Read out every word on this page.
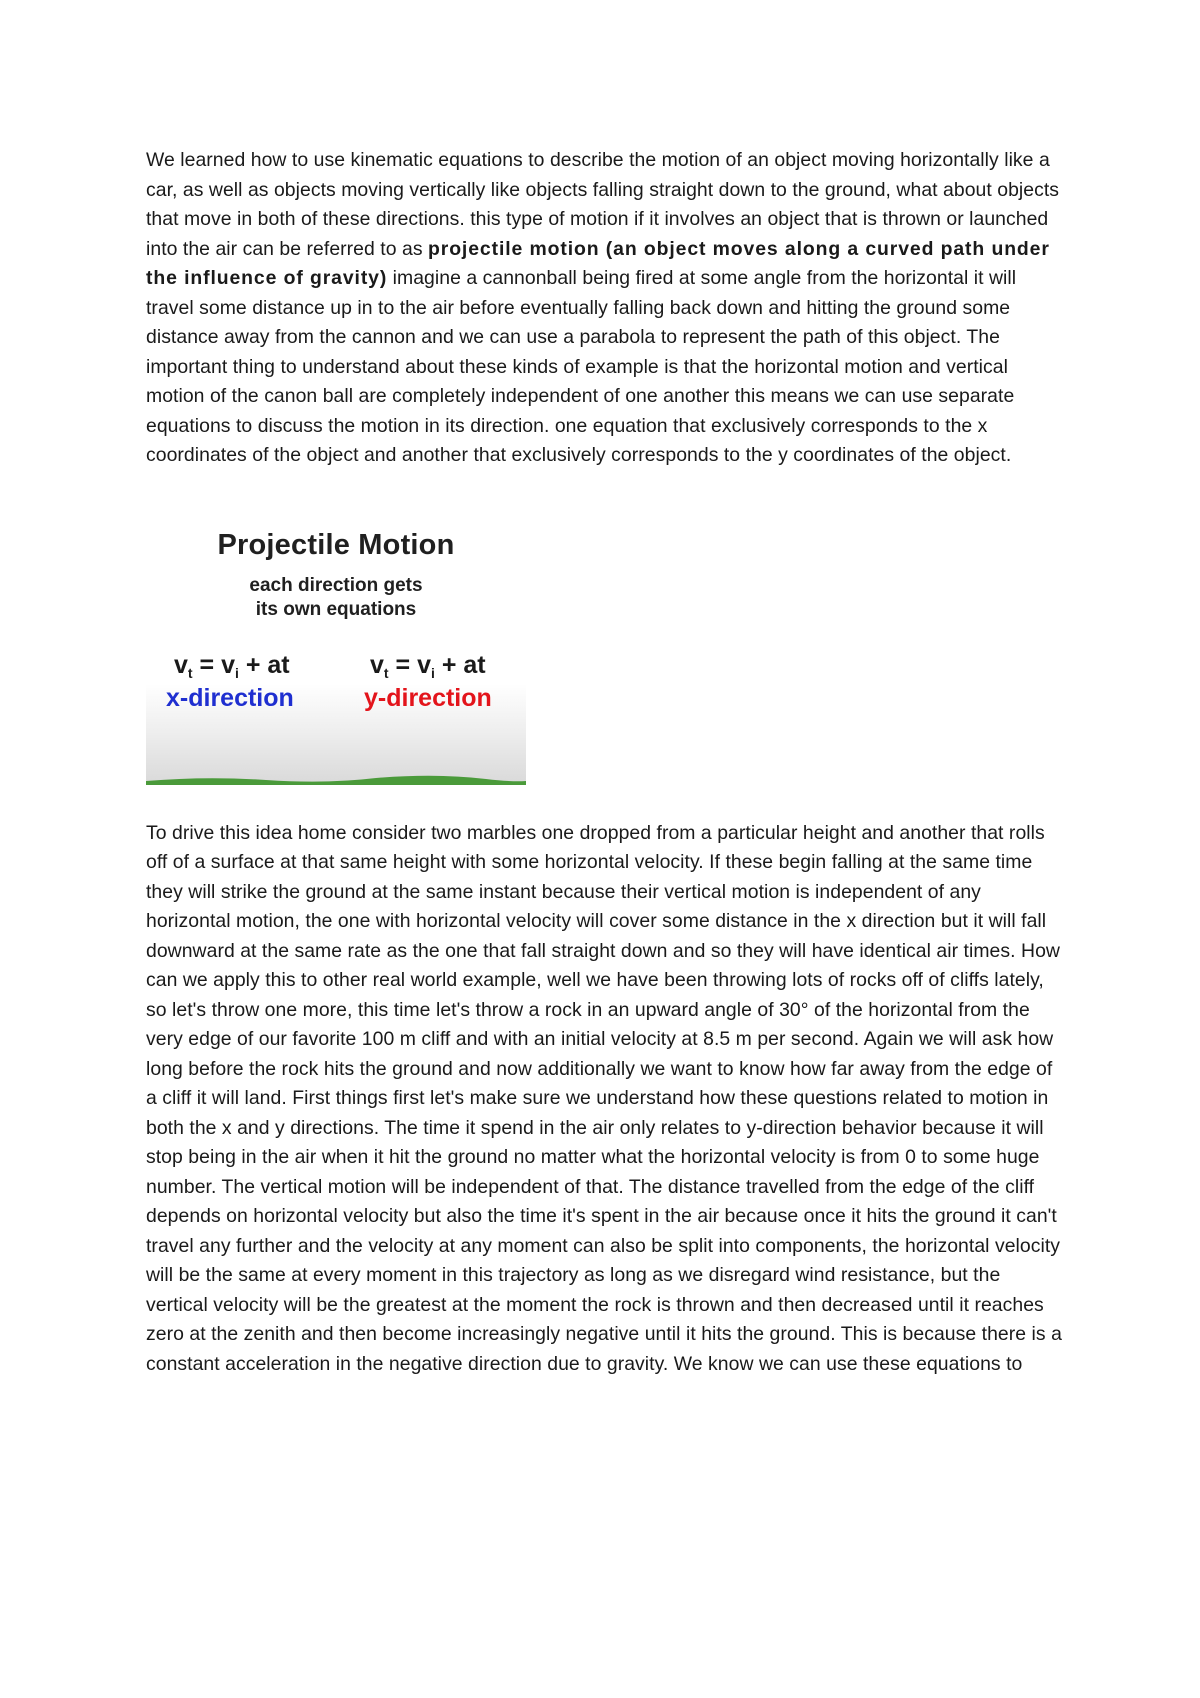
We learned how to use kinematic equations to describe the motion of an object moving horizontally like a car, as well as objects moving vertically like objects falling straight down to the ground, what about objects that move in both of these directions. this type of motion if it involves an object that is thrown or launched into the air can be referred to as projectile motion (an object moves along a curved path under the influence of gravity) imagine a cannonball being fired at some angle from the horizontal it will travel some distance up in to the air before eventually falling back down and hitting the ground some distance away from the cannon and we can use a parabola to represent the path of this object. The important thing to understand about these kinds of example is that the horizontal motion and vertical motion of the canon ball are completely independent of one another this means we can use separate equations to discuss the motion in its direction. one equation that exclusively corresponds to the x coordinates of the object and another that exclusively corresponds to the y coordinates of the object.

Projectile Motion
each direction gets
its own equations
$v_t = v_i$ + at	$v_t = v_i$ + at
x-direction	y-direction

To drive this idea home consider two marbles one dropped from a particular height and another that rolls off of a surface at that same height with some horizontal velocity. If these begin falling at the same time they will strike the ground at the same instant because their vertical motion is independent of any horizontal motion, the one with horizontal velocity will cover some distance in the x direction but it will fall downward at the same rate as the one that fall straight down and so they will have identical air times. How can we apply this to other real world example, well we have been throwing lots of rocks off of cliffs lately, so let's throw one more, this time let's throw a rock in an upward angle of 30° of the horizontal from the very edge of our favorite 100 m cliff and with an initial velocity at 8.5 m per second. Again we will ask how long before the rock hits the ground and now additionally we want to know how far away from the edge of a cliff it will land. First things first let's make sure we understand how these questions related to motion in both the x and y directions. The time it spend in the air only relates to y-direction behavior because it will stop being in the air when it hit the ground no matter what the horizontal velocity is from 0 to some huge number. The vertical motion will be independent of that. The distance travelled from the edge of the cliff depends on horizontal velocity but also the time it's spent in the air because once it hits the ground it can't travel any further and the velocity at any moment can also be split into components, the horizontal velocity will be the same at every moment in this trajectory as long as we disregard wind resistance, but the vertical velocity will be the greatest at the moment the rock is thrown and then decreased until it reaches zero at the zenith and then become increasingly negative until it hits the ground. This is because there is a constant acceleration in the negative direction due to gravity. We know we can use these equations to
